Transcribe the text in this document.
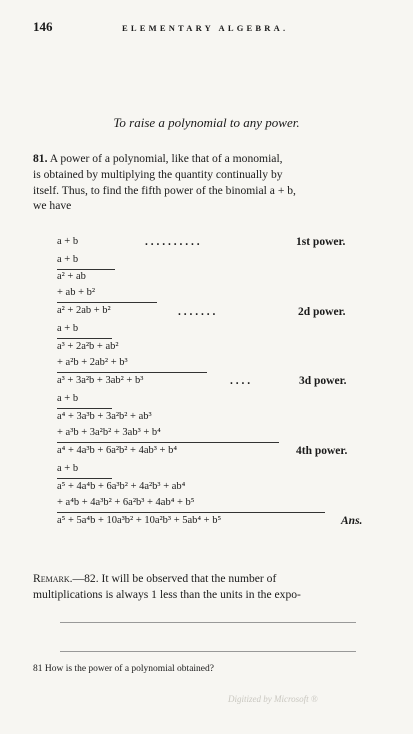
146	ELEMENTARY ALGEBRA.
To raise a polynomial to any power.
81. A power of a polynomial, like that of a monomial,
is obtained by multiplying the quantity continually by
itself. Thus, to find the fifth power of the binomial a + b,
we have
a + b	. . . . . . . . . .	1st power.
a + b
a² + ab
+ ab + b²
a² + 2ab + b²	. . . . . . .	2d power.
a + b
a³ + 2a²b + ab²
+ a²b + 2ab² + b³
a³ + 3a²b + 3ab² + b³	. . . .	3d power.
a + b
a⁴ + 3a³b + 3a²b² + ab³
+ a³b + 3a²b² + 3ab³ + b⁴
a⁴ + 4a³b + 6a²b² + 4ab³ + b⁴	4th power.
a + b
a⁵ + 4a⁴b + 6a³b² + 4a²b³ + ab⁴
+ a⁴b + 4a³b² + 6a²b³ + 4ab⁴ + b⁵
a⁵ + 5a⁴b + 10a³b² + 10a²b³ + 5ab⁴ + b⁵	Ans.
Remark.—82. It will be observed that the number of
multiplications is always 1 less than the units in the expo-
81 How is the power of a polynomial obtained?
Digitized by Microsoft ®
